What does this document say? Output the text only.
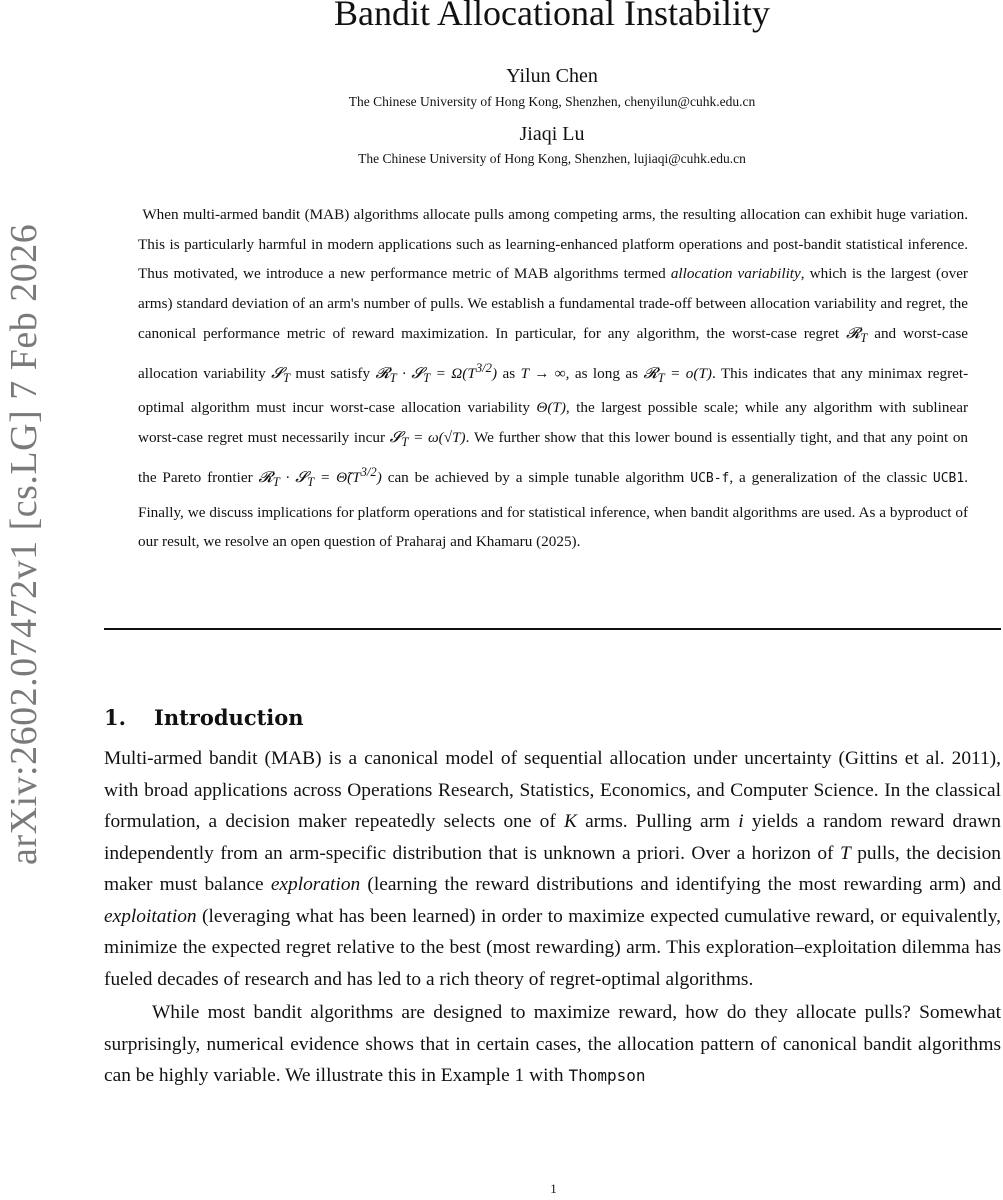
arXiv:2602.07472v1 [cs.LG] 7 Feb 2026
Bandit Allocational Instability
Yilun Chen
The Chinese University of Hong Kong, Shenzhen, chenyilun@cuhk.edu.cn
Jiaqi Lu
The Chinese University of Hong Kong, Shenzhen, lujiaqi@cuhk.edu.cn
When multi-armed bandit (MAB) algorithms allocate pulls among competing arms, the resulting allocation can exhibit huge variation. This is particularly harmful in modern applications such as learning-enhanced platform operations and post-bandit statistical inference. Thus motivated, we introduce a new performance metric of MAB algorithms termed allocation variability, which is the largest (over arms) standard deviation of an arm's number of pulls. We establish a fundamental trade-off between allocation variability and regret, the canonical performance metric of reward maximization. In particular, for any algorithm, the worst-case regret 𝓡$_T$ and worst-case allocation variability 𝓢$_T$ must satisfy 𝓡$_T$ · 𝓢$_T$ = $\Omega(T^{3/2})$ as T → ∞, as long as 𝓡$_T$ = o(T). This indicates that any minimax regret-optimal algorithm must incur worst-case allocation variability Θ(T), the largest possible scale; while any algorithm with sublinear worst-case regret must necessarily incur 𝓢$_T$ = ω(√T). We further show that this lower bound is essentially tight, and that any point on the Pareto frontier 𝓡$_T$ · 𝓢$_T$ = $\Thetã(T^{3/2})$ can be achieved by a simple tunable algorithm UCB-f, a generalization of the classic UCB1. Finally, we discuss implications for platform operations and for statistical inference, when bandit algorithms are used. As a byproduct of our result, we resolve an open question of Praharaj and Khamaru (2025).
1. Introduction

Multi-armed bandit (MAB) is a canonical model of sequential allocation under uncertainty (Gittins et al. 2011), with broad applications across Operations Research, Statistics, Economics, and Computer Science. In the classical formulation, a decision maker repeatedly selects one of K arms. Pulling arm i yields a random reward drawn independently from an arm-specific distribution that is unknown a priori. Over a horizon of T pulls, the decision maker must balance exploration (learning the reward distributions and identifying the most rewarding arm) and exploitation (leveraging what has been learned) in order to maximize expected cumulative reward, or equivalently, minimize the expected regret relative to the best (most rewarding) arm. This exploration–exploitation dilemma has fueled decades of research and has led to a rich theory of regret-optimal algorithms.

While most bandit algorithms are designed to maximize reward, how do they allocate pulls? Somewhat surprisingly, numerical evidence shows that in certain cases, the allocation pattern of canonical bandit algorithms can be highly variable. We illustrate this in Example 1 with Thompson

1
